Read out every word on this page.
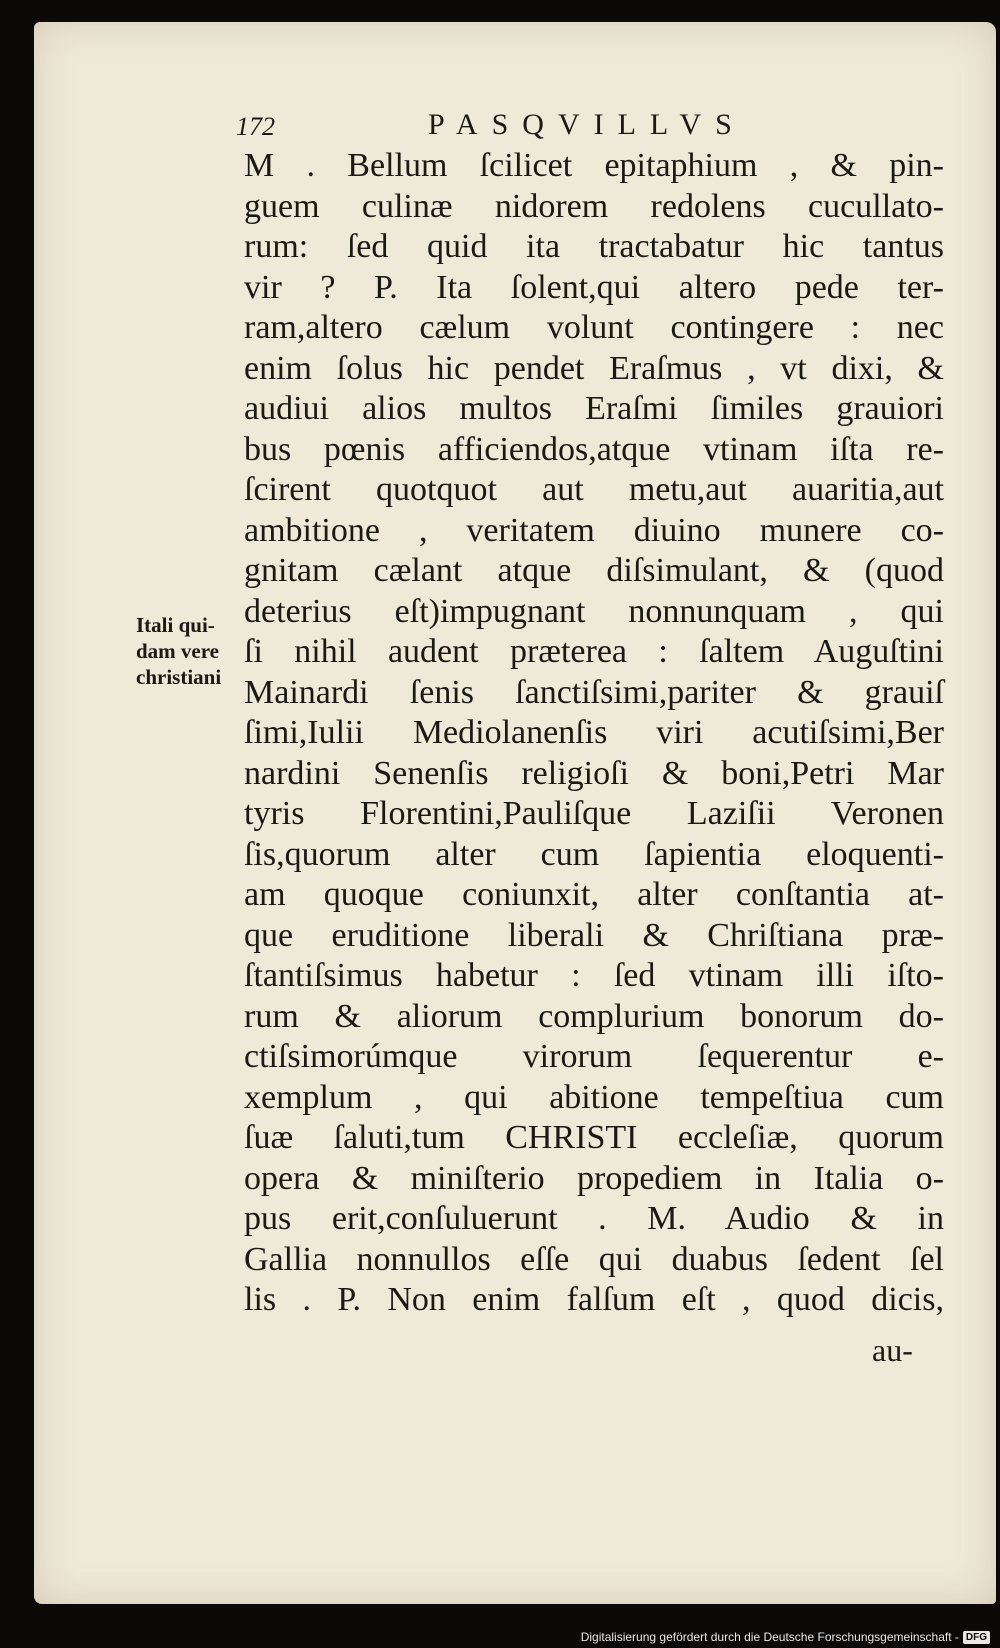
172	PASQVILLVS
Itali qui-
dam vere
christiani
M . Bellum ſcilicet epitaphium , & pin-
guem culinæ nidorem redolens cucullato-
rum: ſed quid ita tractabatur hic tantus
vir ? P. Ita ſolent,qui altero pede ter-
ram,altero cælum volunt contingere : nec
enim ſolus hic pendet Eraſmus , vt dixi, &
audiui alios multos Eraſmi ſimiles grauiori
bus pœnis afficiendos,atque vtinam iſta re-
ſcirent quotquot aut metu,aut auaritia,aut
ambitione , veritatem diuino munere co-
gnitam cælant atque diſsimulant, & (quod
deterius eſt)impugnant nonnunquam , qui
ſi nihil audent præterea : ſaltem Auguſtini
Mainardi ſenis ſanctiſsimi,pariter & grauiſ
ſimi,Iulii Mediolanenſis viri acutiſsimi,Ber
nardini Senenſis religioſi & boni,Petri Mar
tyris Florentini,Pauliſque Laziſii Veronen
ſis,quorum alter cum ſapientia eloquenti-
am quoque coniunxit, alter conſtantia at-
que eruditione liberali & Chriſtiana præ-
ſtantiſsimus habetur : ſed vtinam illi iſto-
rum & aliorum complurium bonorum do-
ctiſsimorúmque virorum ſequerentur e-
xemplum , qui abitione tempeſtiua cum
ſuæ ſaluti,tum CHRISTI eccleſiæ, quorum
opera & miniſterio propediem in Italia o-
pus erit,conſuluerunt . M. Audio & in
Gallia nonnullos eſſe qui duabus ſedent ſel
lis . P. Non enim falſum eſt , quod dicis,
au-
Digitalisierung gefördert durch die Deutsche Forschungsgemeinschaft - DFG
